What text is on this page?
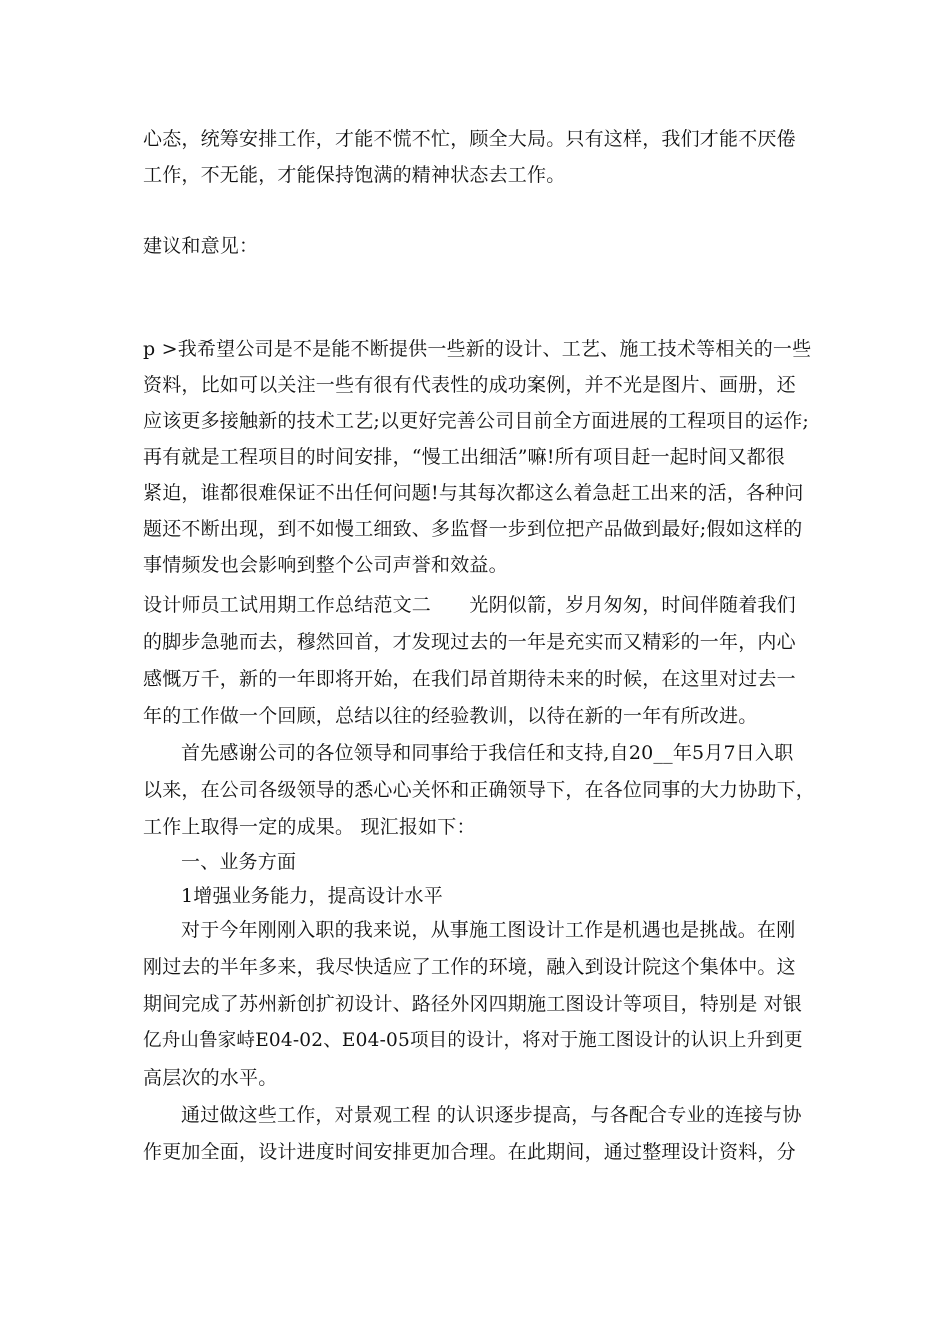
心态，统筹安排工作，才能不慌不忙，顾全大局。只有这样，我们才能不厌倦
工作，不无能，才能保持饱满的精神状态去工作。
建议和意见：
p >我希望公司是不是能不断提供一些新的设计、工艺、施工技术等相关的一些
资料，比如可以关注一些有很有代表性的成功案例，并不光是图片、画册，还
应该更多接触新的技术工艺;以更好完善公司目前全方面进展的工程项目的运作;
再有就是工程项目的时间安排，“慢工出细活”嘛!所有项目赶一起时间又都很
紧迫，谁都很难保证不出任何问题!与其每次都这么着急赶工出来的活，各种问
题还不断出现，到不如慢工细致、多监督一步到位把产品做到最好;假如这样的
事情频发也会影响到整个公司声誉和效益。
设计师员工试用期工作总结范文二　　光阴似箭，岁月匆匆，时间伴随着我们
的脚步急驰而去，穆然回首，才发现过去的一年是充实而又精彩的一年，内心
感慨万千，新的一年即将开始，在我们昂首期待未来的时候，在这里对过去一
年的工作做一个回顾，总结以往的经验教训，以待在新的一年有所改进。
首先感谢公司的各位领导和同事给于我信任和支持,自20__年5月7日入职
以来，在公司各级领导的悉心心关怀和正确领导下，在各位同事的大力协助下，
工作上取得一定的成果。 现汇报如下：
一、业务方面
1增强业务能力，提高设计水平
对于今年刚刚入职的我来说，从事施工图设计工作是机遇也是挑战。在刚
刚过去的半年多来，我尽快适应了工作的环境，融入到设计院这个集体中。这
期间完成了苏州新创扩初设计、路径外冈四期施工图设计等项目，特别是 对银
亿舟山鲁家峙E04-02、E04-05项目的设计，将对于施工图设计的认识上升到更
高层次的水平。
通过做这些工作，对景观工程 的认识逐步提高，与各配合专业的连接与协
作更加全面，设计进度时间安排更加合理。在此期间，通过整理设计资料，分
